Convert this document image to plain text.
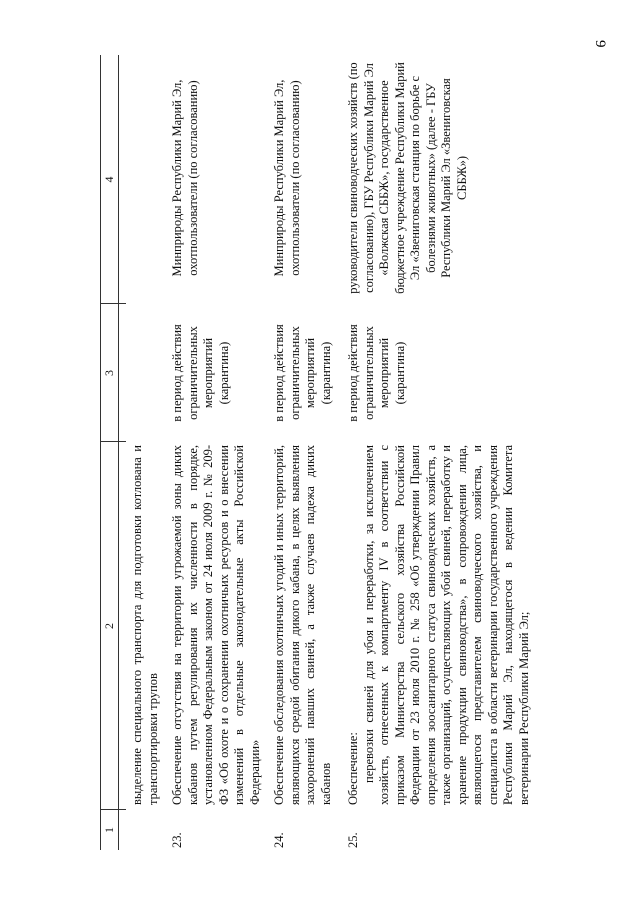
9
1
2
3
4

выделение специального транспорта для подготовки котлована и транспортировки трупов

23.

Обеспечение отсутствия на территории угрожаемой зоны диких кабанов путем регулирования их численности в порядке, установленном Федеральным законом от 24 июля 2009 г. № 209-ФЗ «Об охоте и о сохранении охотничьих ресурсов и о внесении изменений в отдельные законодательные акты Российской Федерации»

в период действия ограничительных мероприятий (карантина)
Минприроды Республики Марий Эл, охотпользователи (по согласованию)
24.

Обеспечение обследования охотничьих угодий и иных территорий, являющихся средой обитания дикого кабана, в целях выявления захоронений павших свиней, а также случаев падежа диких кабанов

в период действия ограничительных мероприятий (карантина)
Минприроды Республики Марий Эл, охотпользователи (по согласованию)
25.

Обеспечение: перевозки свиней для убоя и переработки, за исключением хозяйств, отнесенных к компартменту IV в соответствии с приказом Министерства сельского хозяйства Российской Федерации от 23 июля 2010 г. № 258 «Об утверждении Правил определения зоосанитарного статуса свиноводческих хозяйств, а также организаций, осуществляющих убой свиней, переработку и хранение продукции свиноводства», в сопровождении лица, являющегося представителем свиноводческого хозяйства, и специалиста в области ветеринарии государственного учреждения Республики Марий Эл, находящегося в ведении Комитета ветеринарии Республики Марий Эл;

в период действия ограничительных мероприятий (карантина)
руководители свиноводческих хозяйств (по согласованию), ГБУ Республики Марий Эл «Волжская СББЖ», государственное бюджетное учреждение Республики Марий Эл «Звениговская станция по борьбе с болезнями животных» (далее - ГБУ Республики Марий Эл «Звениговская СББЖ»)
